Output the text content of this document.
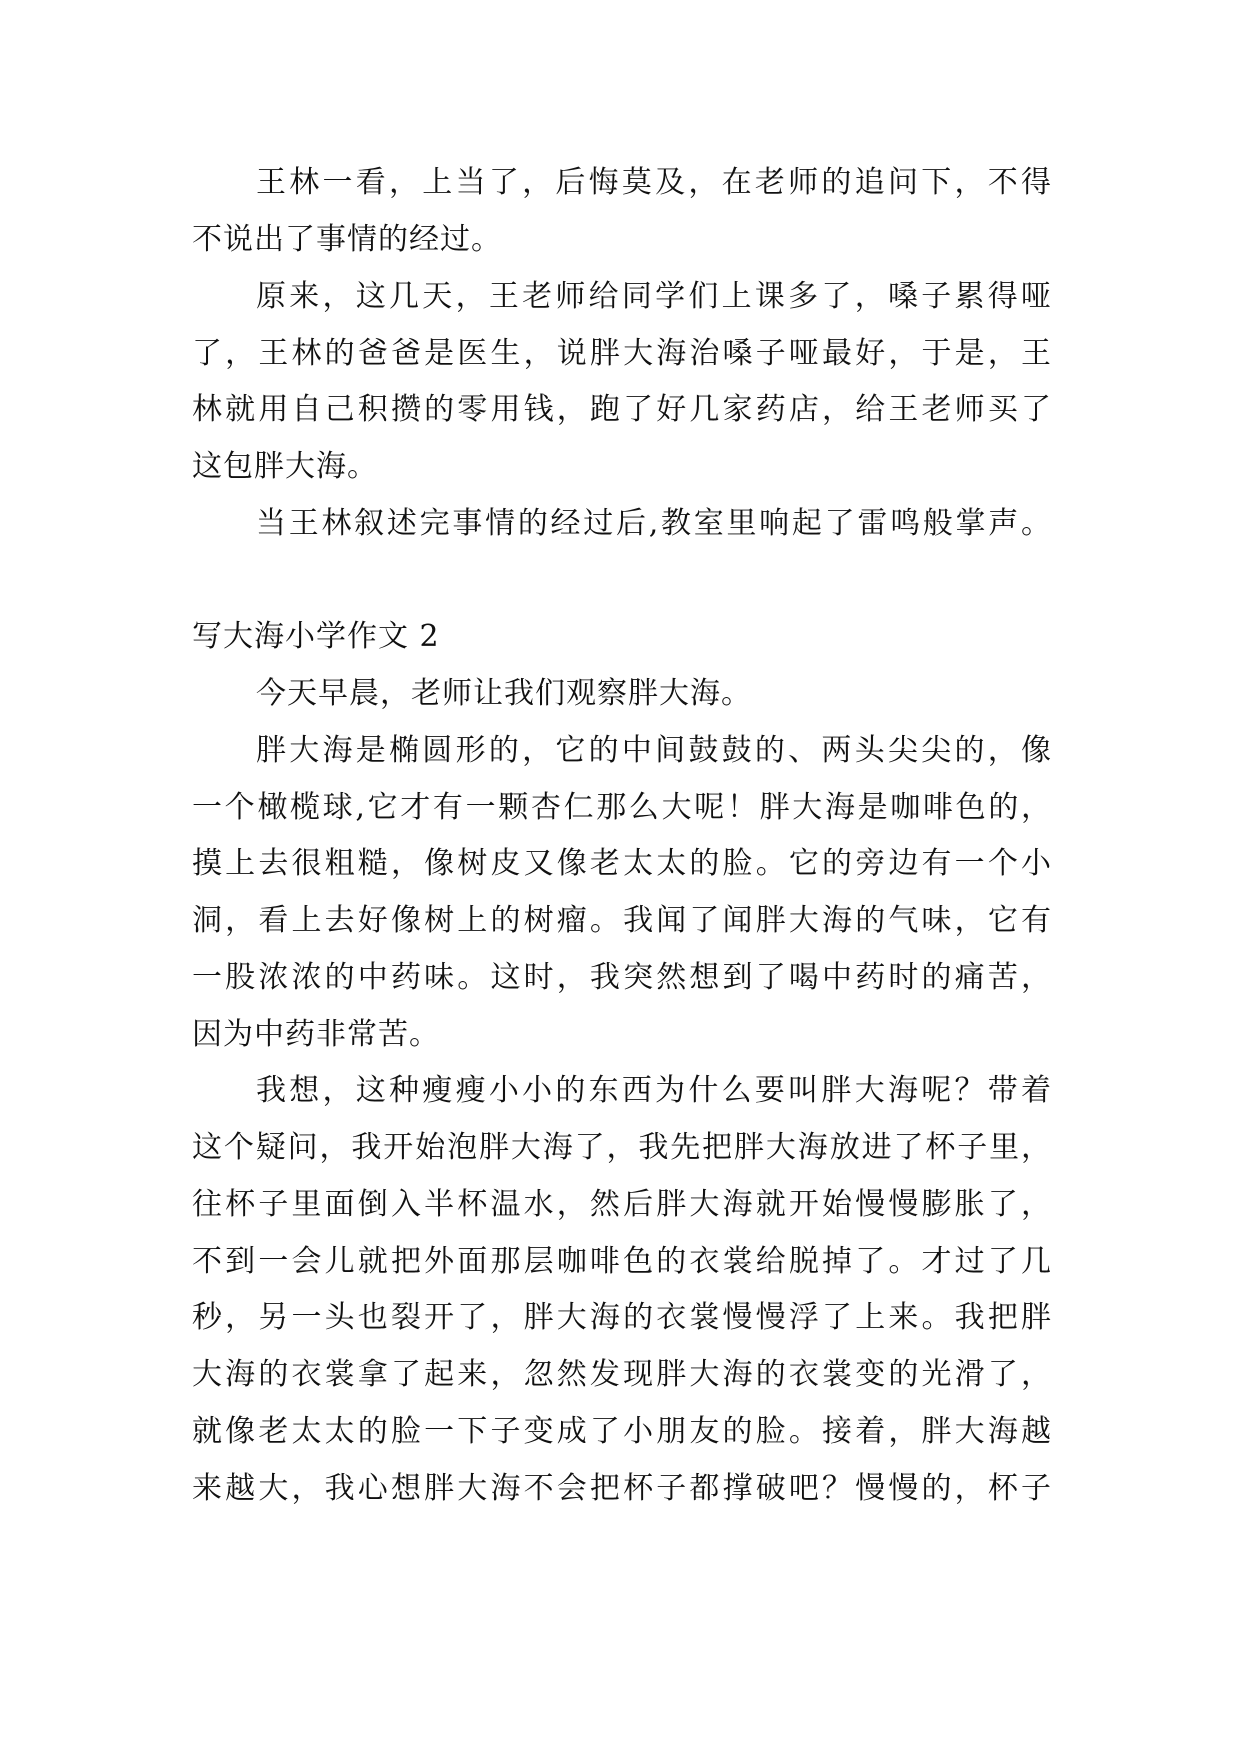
王林一看，上当了，后悔莫及，在老师的追问下，不得
不说出了事情的经过。
原来，这几天，王老师给同学们上课多了，嗓子累得哑
了，王林的爸爸是医生，说胖大海治嗓子哑最好，于是，王
林就用自己积攒的零用钱，跑了好几家药店，给王老师买了
这包胖大海。
当王林叙述完事情的经过后,教室里响起了雷鸣般掌声。
写大海小学作文 2
今天早晨，老师让我们观察胖大海。
胖大海是椭圆形的，它的中间鼓鼓的、两头尖尖的，像
一个橄榄球,它才有一颗杏仁那么大呢！胖大海是咖啡色的，
摸上去很粗糙，像树皮又像老太太的脸。它的旁边有一个小
洞，看上去好像树上的树瘤。我闻了闻胖大海的气味，它有
一股浓浓的中药味。这时，我突然想到了喝中药时的痛苦，
因为中药非常苦。
我想，这种瘦瘦小小的东西为什么要叫胖大海呢？带着
这个疑问，我开始泡胖大海了，我先把胖大海放进了杯子里，
往杯子里面倒入半杯温水，然后胖大海就开始慢慢膨胀了，
不到一会儿就把外面那层咖啡色的衣裳给脱掉了。才过了几
秒，另一头也裂开了，胖大海的衣裳慢慢浮了上来。我把胖
大海的衣裳拿了起来，忽然发现胖大海的衣裳变的光滑了，
就像老太太的脸一下子变成了小朋友的脸。接着，胖大海越
来越大，我心想胖大海不会把杯子都撑破吧？慢慢的，杯子
